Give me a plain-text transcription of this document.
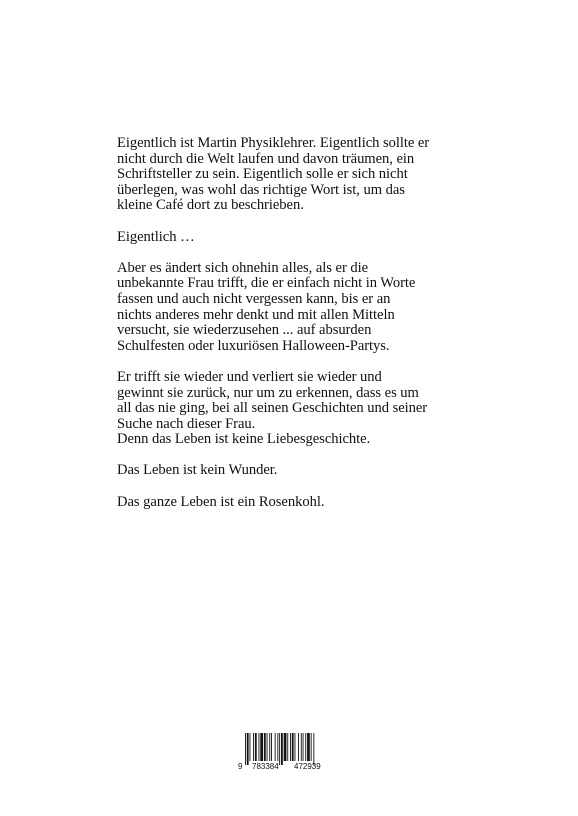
Eigentlich ist Martin Physiklehrer. Eigentlich sollte er
nicht durch die Welt laufen und davon träumen, ein
Schriftsteller zu sein. Eigentlich solle er sich nicht
überlegen, was wohl das richtige Wort ist, um das
kleine Café dort zu beschrieben.

Eigentlich …

Aber es ändert sich ohnehin alles, als er die
unbekannte Frau trifft, die er einfach nicht in Worte
fassen und auch nicht vergessen kann, bis er an
nichts anderes mehr denkt und mit allen Mitteln
versucht, sie wiederzusehen ... auf absurden
Schulfesten oder luxuriösen Halloween-Partys.

Er trifft sie wieder und verliert sie wieder und
gewinnt sie zurück, nur um zu erkennen, dass es um
all das nie ging, bei all seinen Geschichten und seiner
Suche nach dieser Frau.
Denn das Leben ist keine Liebesgeschichte.

Das Leben ist kein Wunder.

Das ganze Leben ist ein Rosenkohl.

9 783384 472939
